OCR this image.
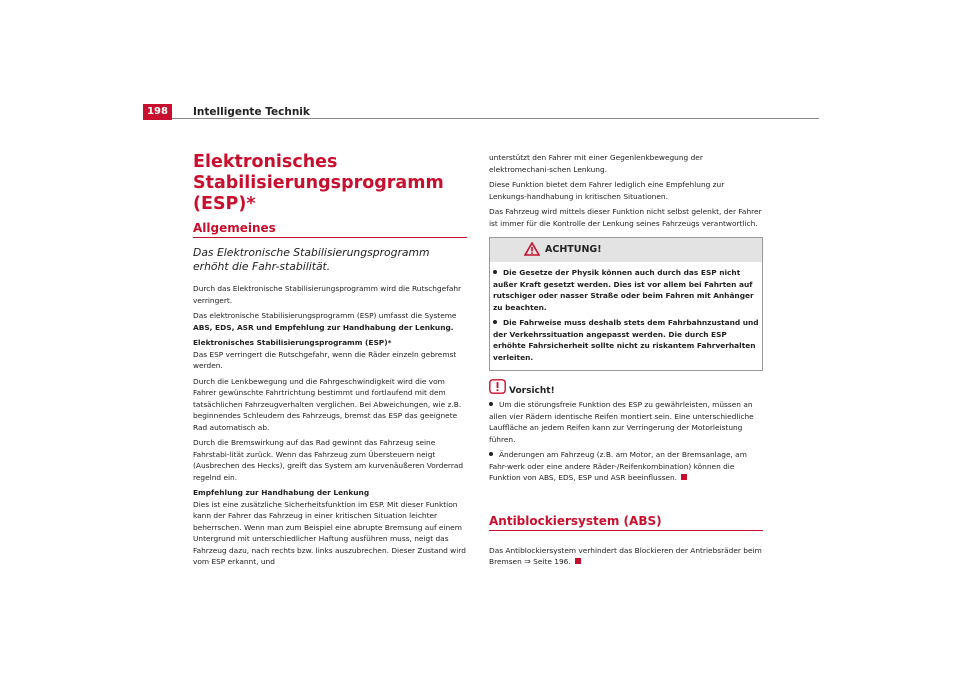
198	Intelligente Technik
Elektronisches Stabilisierungsprogramm (ESP)*
Allgemeines
Das Elektronische Stabilisierungsprogramm erhöht die Fahr-stabilität.

Durch das Elektronische Stabilisierungsprogramm wird die Rutschgefahr verringert.

Das elektronische Stabilisierungsprogramm (ESP) umfasst die Systeme ABS, EDS, ASR und Empfehlung zur Handhabung der Lenkung.

Elektronisches Stabilisierungsprogramm (ESP)*

Das ESP verringert die Rutschgefahr, wenn die Räder einzeln gebremst werden.

Durch die Lenkbewegung und die Fahrgeschwindigkeit wird die vom Fahrer gewünschte Fahrtrichtung bestimmt und fortlaufend mit dem tatsächlichen Fahrzeugverhalten verglichen. Bei Abweichungen, wie z.B. beginnendes Schleudern des Fahrzeugs, bremst das ESP das geeignete Rad automatisch ab.

Durch die Bremswirkung auf das Rad gewinnt das Fahrzeug seine Fahrstabi-lität zurück. Wenn das Fahrzeug zum Übersteuern neigt (Ausbrechen des Hecks), greift das System am kurvenäußeren Vorderrad regelnd ein.

Empfehlung zur Handhabung der Lenkung

Dies ist eine zusätzliche Sicherheitsfunktion im ESP. Mit dieser Funktion kann der Fahrer das Fahrzeug in einer kritischen Situation leichter beherrschen. Wenn man zum Beispiel eine abrupte Bremsung auf einem Untergrund mit unterschiedlicher Haftung ausführen muss, neigt das Fahrzeug dazu, nach rechts bzw. links auszubrechen. Dieser Zustand wird vom ESP erkannt, und

unterstützt den Fahrer mit einer Gegenlenkbewegung der elektromechani-schen Lenkung.

Diese Funktion bietet dem Fahrer lediglich eine Empfehlung zur Lenkungs-handhabung in kritischen Situationen.

Das Fahrzeug wird mittels dieser Funktion nicht selbst gelenkt, der Fahrer ist immer für die Kontrolle der Lenkung seines Fahrzeugs verantwortlich.

ACHTUNG!
Die Gesetze der Physik können auch durch das ESP nicht außer Kraft gesetzt werden. Dies ist vor allem bei Fahrten auf rutschiger oder nasser Straße oder beim Fahren mit Anhänger zu beachten.
Die Fahrweise muss deshalb stets dem Fahrbahnzustand und der Verkehrssituation angepasst werden. Die durch ESP erhöhte Fahrsicherheit sollte nicht zu riskantem Fahrverhalten verleiten.
Vorsicht!
Um die störungsfreie Funktion des ESP zu gewährleisten, müssen an allen vier Rädern identische Reifen montiert sein. Eine unterschiedliche Lauffläche an jedem Reifen kann zur Verringerung der Motorleistung führen.
Änderungen am Fahrzeug (z.B. am Motor, an der Bremsanlage, am Fahr-werk oder eine andere Räder-/Reifenkombination) können die Funktion von ABS, EDS, ESP und ASR beeinflussen.
Antiblockiersystem (ABS)

Das Antiblockiersystem verhindert das Blockieren der Antriebsräder beim Bremsen ⇒ Seite 196.
